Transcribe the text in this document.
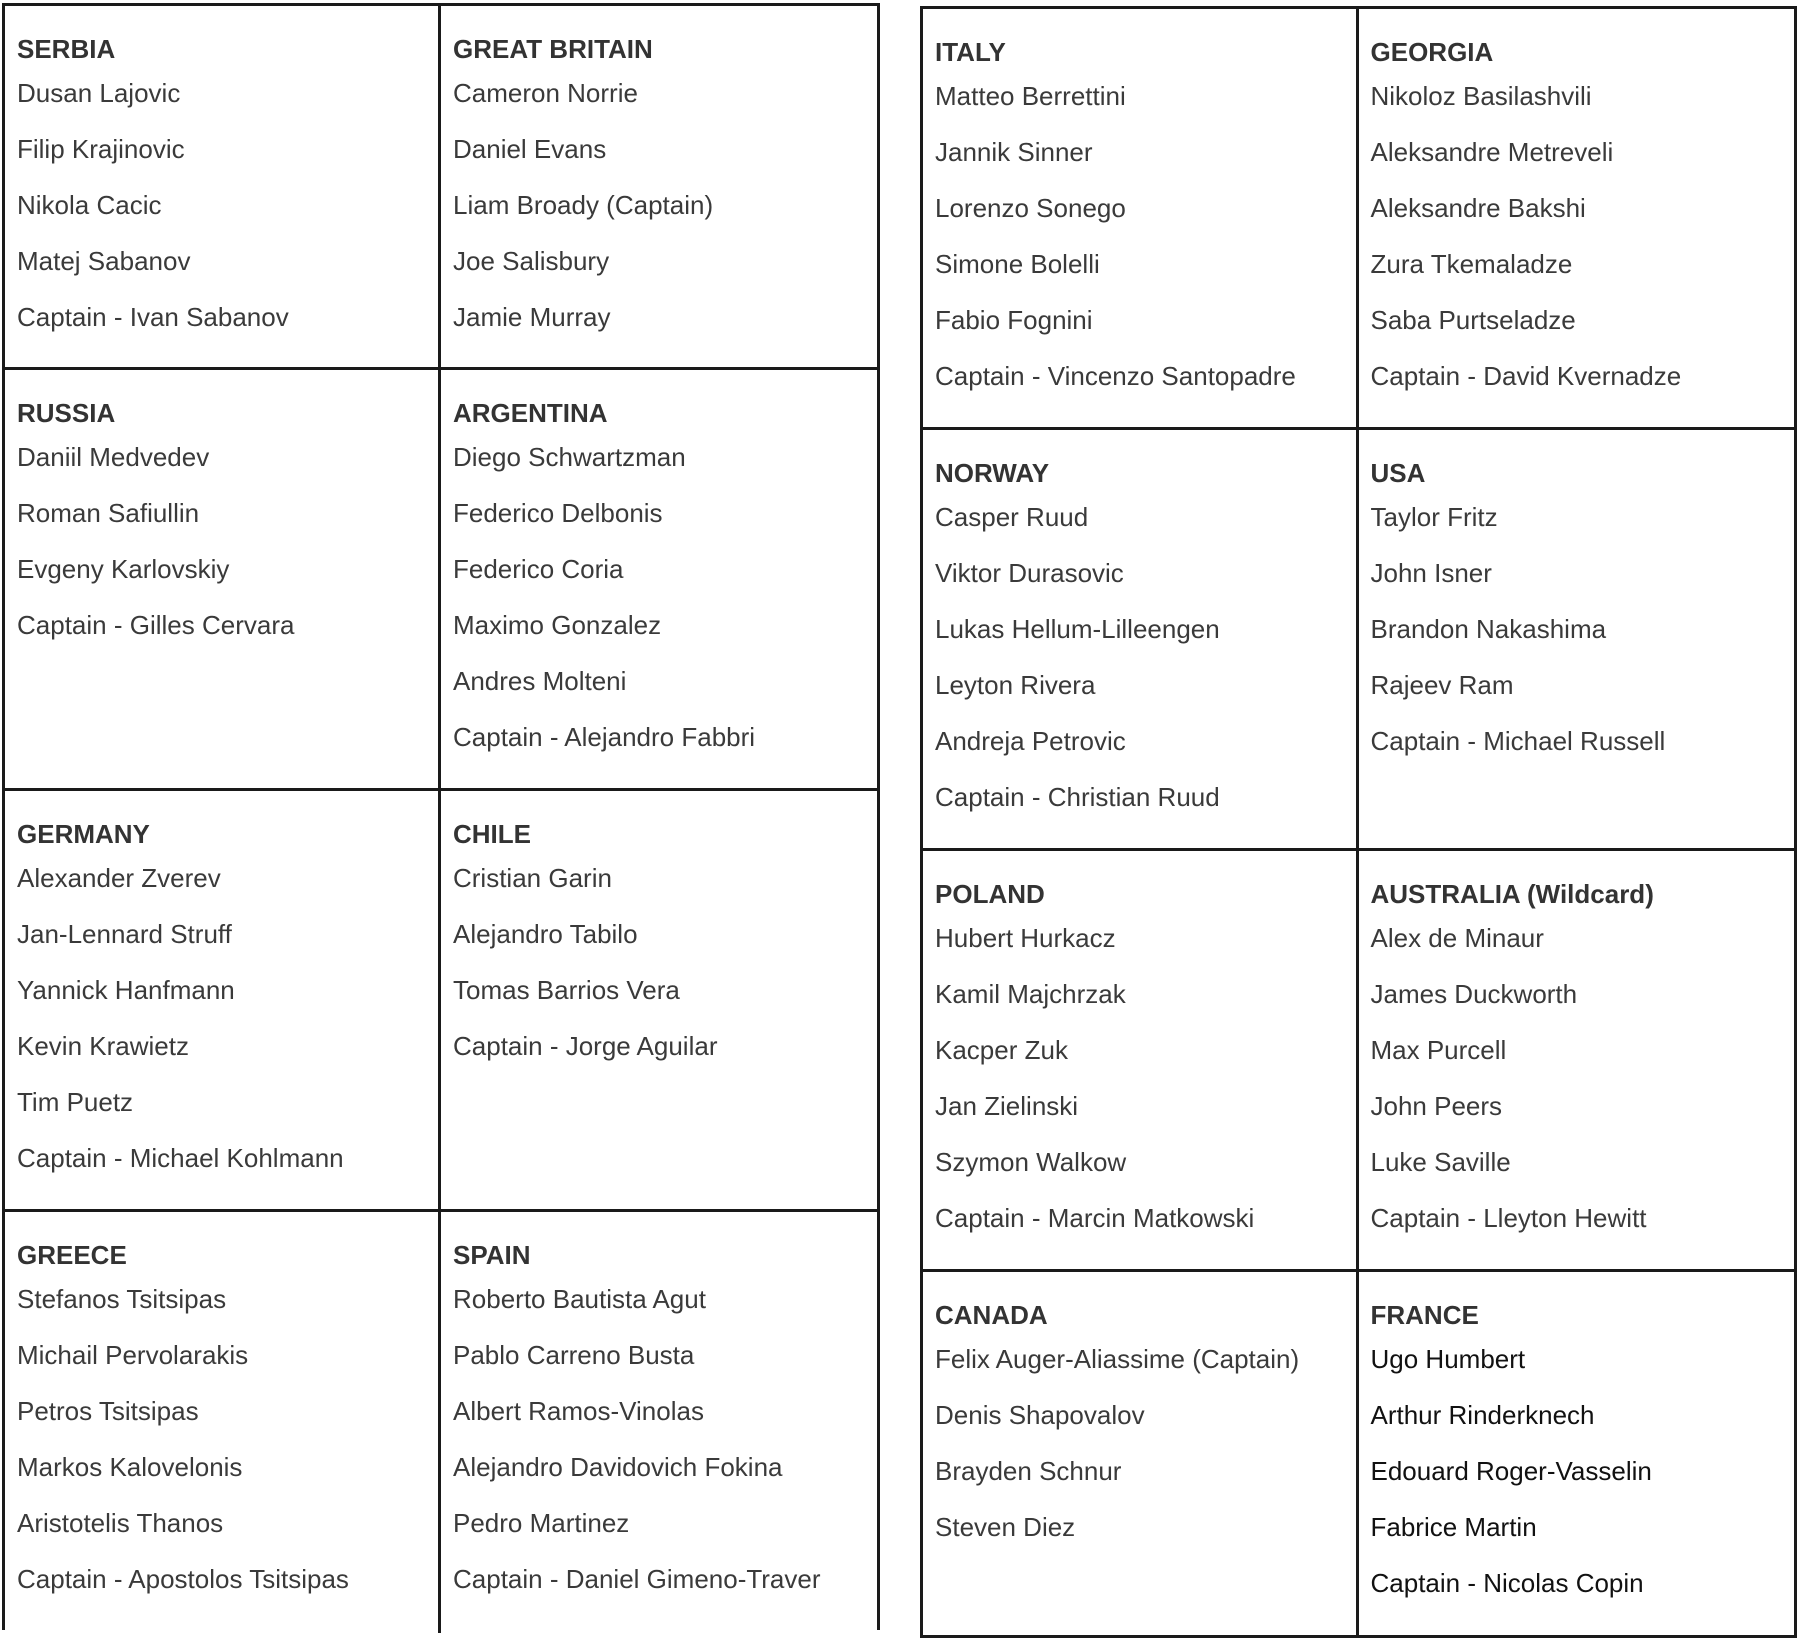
SERBIA
Dusan Lajovic
Filip Krajinovic
Nikola Cacic
Matej Sabanov
Captain - Ivan Sabanov
GREAT BRITAIN
Cameron Norrie
Daniel Evans
Liam Broady (Captain)
Joe Salisbury
Jamie Murray
RUSSIA
Daniil Medvedev
Roman Safiullin
Evgeny Karlovskiy
Captain - Gilles Cervara
ARGENTINA
Diego Schwartzman
Federico Delbonis
Federico Coria
Maximo Gonzalez
Andres Molteni
Captain - Alejandro Fabbri
GERMANY
Alexander Zverev
Jan-Lennard Struff
Yannick Hanfmann
Kevin Krawietz
Tim Puetz
Captain - Michael Kohlmann
CHILE
Cristian Garin
Alejandro Tabilo
Tomas Barrios Vera
Captain - Jorge Aguilar
GREECE
Stefanos Tsitsipas
Michail Pervolarakis
Petros Tsitsipas
Markos Kalovelonis
Aristotelis Thanos
Captain - Apostolos Tsitsipas
SPAIN
Roberto Bautista Agut
Pablo Carreno Busta
Albert Ramos-Vinolas
Alejandro Davidovich Fokina
Pedro Martinez
Captain - Daniel Gimeno-Traver
ITALY
Matteo Berrettini
Jannik Sinner
Lorenzo Sonego
Simone Bolelli
Fabio Fognini
Captain - Vincenzo Santopadre
GEORGIA
Nikoloz Basilashvili
Aleksandre Metreveli
Aleksandre Bakshi
Zura Tkemaladze
Saba Purtseladze
Captain - David Kvernadze
NORWAY
Casper Ruud
Viktor Durasovic
Lukas Hellum-Lilleengen
Leyton Rivera
Andreja Petrovic
Captain - Christian Ruud
USA
Taylor Fritz
John Isner
Brandon Nakashima
Rajeev Ram
Captain - Michael Russell
POLAND
Hubert Hurkacz
Kamil Majchrzak
Kacper Zuk
Jan Zielinski
Szymon Walkow
Captain - Marcin Matkowski
AUSTRALIA (Wildcard)
Alex de Minaur
James Duckworth
Max Purcell
John Peers
Luke Saville
Captain - Lleyton Hewitt
CANADA
Felix Auger-Aliassime (Captain)
Denis Shapovalov
Brayden Schnur
Steven Diez
FRANCE
Ugo Humbert
Arthur Rinderknech
Edouard Roger-Vasselin
Fabrice Martin
Captain - Nicolas Copin
